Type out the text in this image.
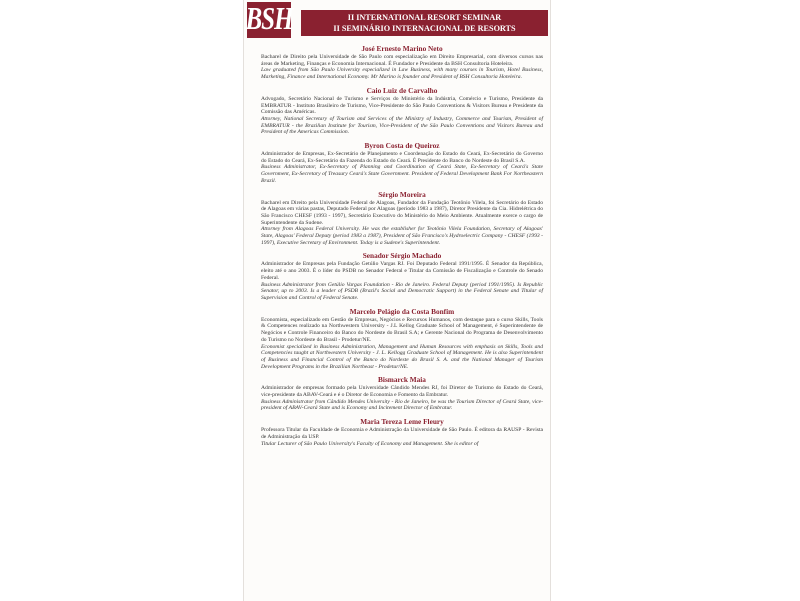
BSH	II INTERNATIONAL RESORT SEMINAR
II SEMINÁRIO INTERNACIONAL DE RESORTS
José Ernesto Marino Neto
Bacharel de Direito pela Universidade de São Paulo com especialização em Direito Empresarial, com diversos cursos nas áreas de Marketing, Finanças e Economia Internacional. É Fundador e Presidente da BSH Consultoria Hoteleira.
Law graduated from São Paulo University especialized in Law Business, with many courses in Tourism, Hotel Business, Marketing, Finance and International Economy. Mr Marino is founder and President of BSH Consultoria Hoteleira.
Caio Luiz de Carvalho
Advogado, Secretário Nacional de Turismo e Serviços do Ministério da Indústria, Comércio e Turismo, Presidente da EMBRATUR - Instituto Brasileiro de Turismo, Vice-Presidente do São Paulo Conventions & Visitors Bureau e Presidente da Comissão das Américas.
Attorney, National Secretary of Tourism and Services of the Ministry of Industry, Commerce and Tourism, President of EMBRATUR - the Brazilian Institute for Tourism, Vice-President of the São Paulo Conventions and Visitors Bureau and President of the Americas Commission.
Byron Costa de Queiroz
Administrador de Empresas, Ex-Secretário de Planejamento e Coordenação do Estado do Ceará, Ex-Secretário do Governo do Estado do Ceará, Ex-Secretário da Fazenda do Estado do Ceará. É Presidente do Banco do Nordeste do Brasil S.A.
Business Administrator, Ex-Secretary of Planning and Coordination of Ceará State, Ex-Secretary of Ceará's State Government, Ex-Secretary of Treasury Ceará's State Government. President of Federal Development Bank For Northeastern Brazil.
Sérgio Moreira
Bacharel em Direito pela Universidade Federal de Alagoas, Fundador da Fundação Teotônio Vilela, foi Secretário do Estado de Alagoas em várias pastas, Deputado Federal por Alagoas (período 1983 a 1987), Diretor Presidente da Cia. Hidrelétrica do São Francisco CHESF (1993 - 1997), Secretário Executivo do Ministério do Meio Ambiente. Atualmente exerce o cargo de Superintendente da Sudene.
Attorney from Alagoas Federal University. He was the establisher for Teotônio Vilela Foundation, Secretary of Alagoas' State, Alagoas' Federal Deputy (period 1983 a 1987), President of São Francisco's Hydroelectric Company - CHESF (1993 - 1997), Executive Secretary of Environment. Today is a Sudene's Superintendent.
Senador Sérgio Machado
Administrador de Empresas pela Fundação Getúlio Vargas RJ. Foi Deputado Federal 1991/1995. É Senador da República, eleito até o ano 2003. É o líder do PSDB no Senador Federal e Titular da Comissão de Fiscalização e Controle do Senado Federal.
Business Administrator from Getúlio Vargas Foundation - Rio de Janeiro. Federal Deputy (period 1991/1995). Is Republic Senator, up to 2003. Is a leader of PSDB (Brazil's Social and Democratic Support) in the Federal Senate and Titular of Supervision and Control of Federal Senate.
Marcelo Pelágio da Costa Bonfim
Economista, especializado em Gestão de Empresas, Negócios e Recursos Humanos, com destaque para o curso Skills, Tools & Competences realizado na Northwestern University - J.L Kellog Graduate School of Management, é Superintendente de Negócios e Controle Financeiro do Banco do Nordeste do Brasil S.A; e Gerente Nacional do Programa de Desenvolvimento do Turismo no Nordeste do Brasil - Prodetur/NE.
Economist specialized in Business Administration, Management and Human Resources with emphasis on Skills, Tools and Competencies taught at Northwestern University - J. L. Kellogg Graduate School of Management. He is also Superintendent of Business and Financial Control of the Banco do Nordeste do Brasil S. A. and the National Manager of Tourism Development Programs in the Brazilian Northeast - Prodetur/NE.
Bismarck Maia
Administrador de empresas formado pela Universidade Cândido Mendes RJ, foi Diretor de Turismo do Estado do Ceará, vice-presidente da ABAV-Ceará e é o Diretor de Economia e Fomento da Embratur.
Business Administrator from Cândido Mendes University - Rio de Janeiro, he was the Tourism Director of Ceará State, vice-president of ABAV-Ceará State and is Economy and Incitement Director of Embratur.
Maria Tereza Leme Fleury
Professora Titular da Faculdade de Economia e Administração da Universidade de São Paulo. É editora da RAUSP - Revista de Administração da USP.
Titular Lecturer of São Paulo University's Faculty of Economy and Management. She is editor of
